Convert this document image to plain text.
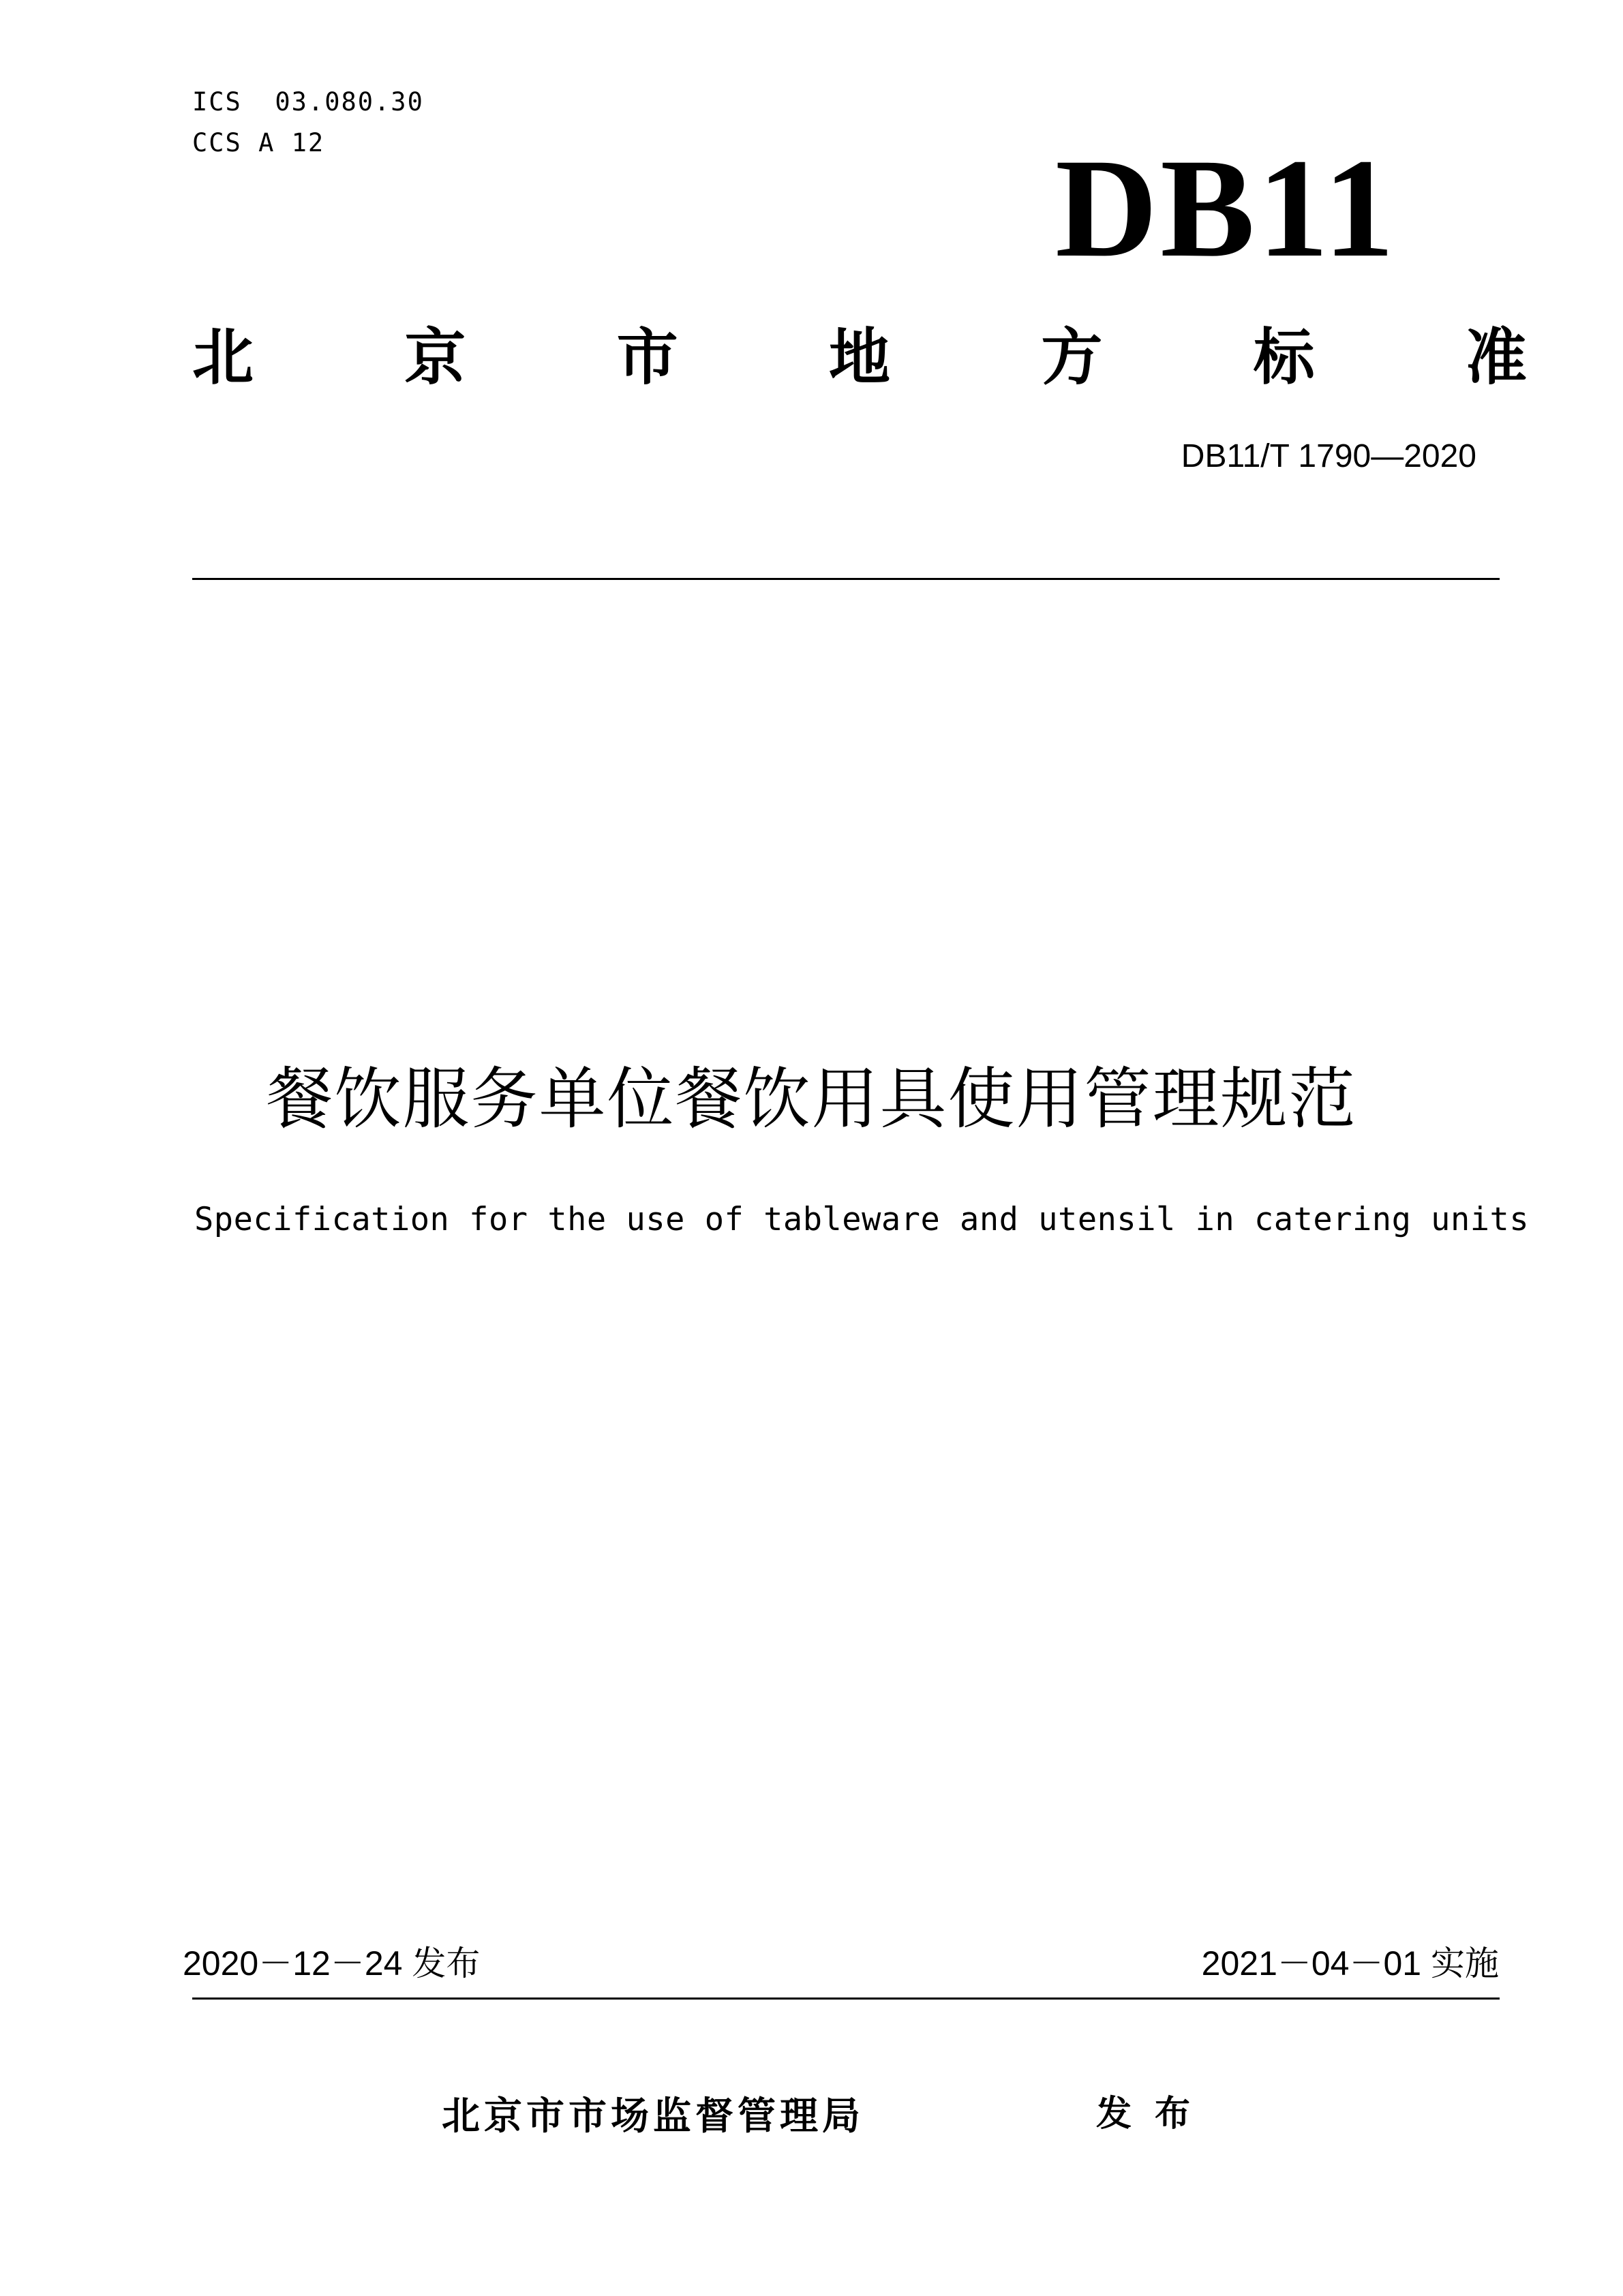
ICS  03.080.30
CCS A 12	DB11
北 京 市 地 方 标 准
DB11/T 1790—2020
餐饮服务单位餐饮用具使用管理规范
Specification for the use of tableware and utensil in catering units
2020－12－24 发布	2021－04－01 实施
北京市市场监督管理局	发布
